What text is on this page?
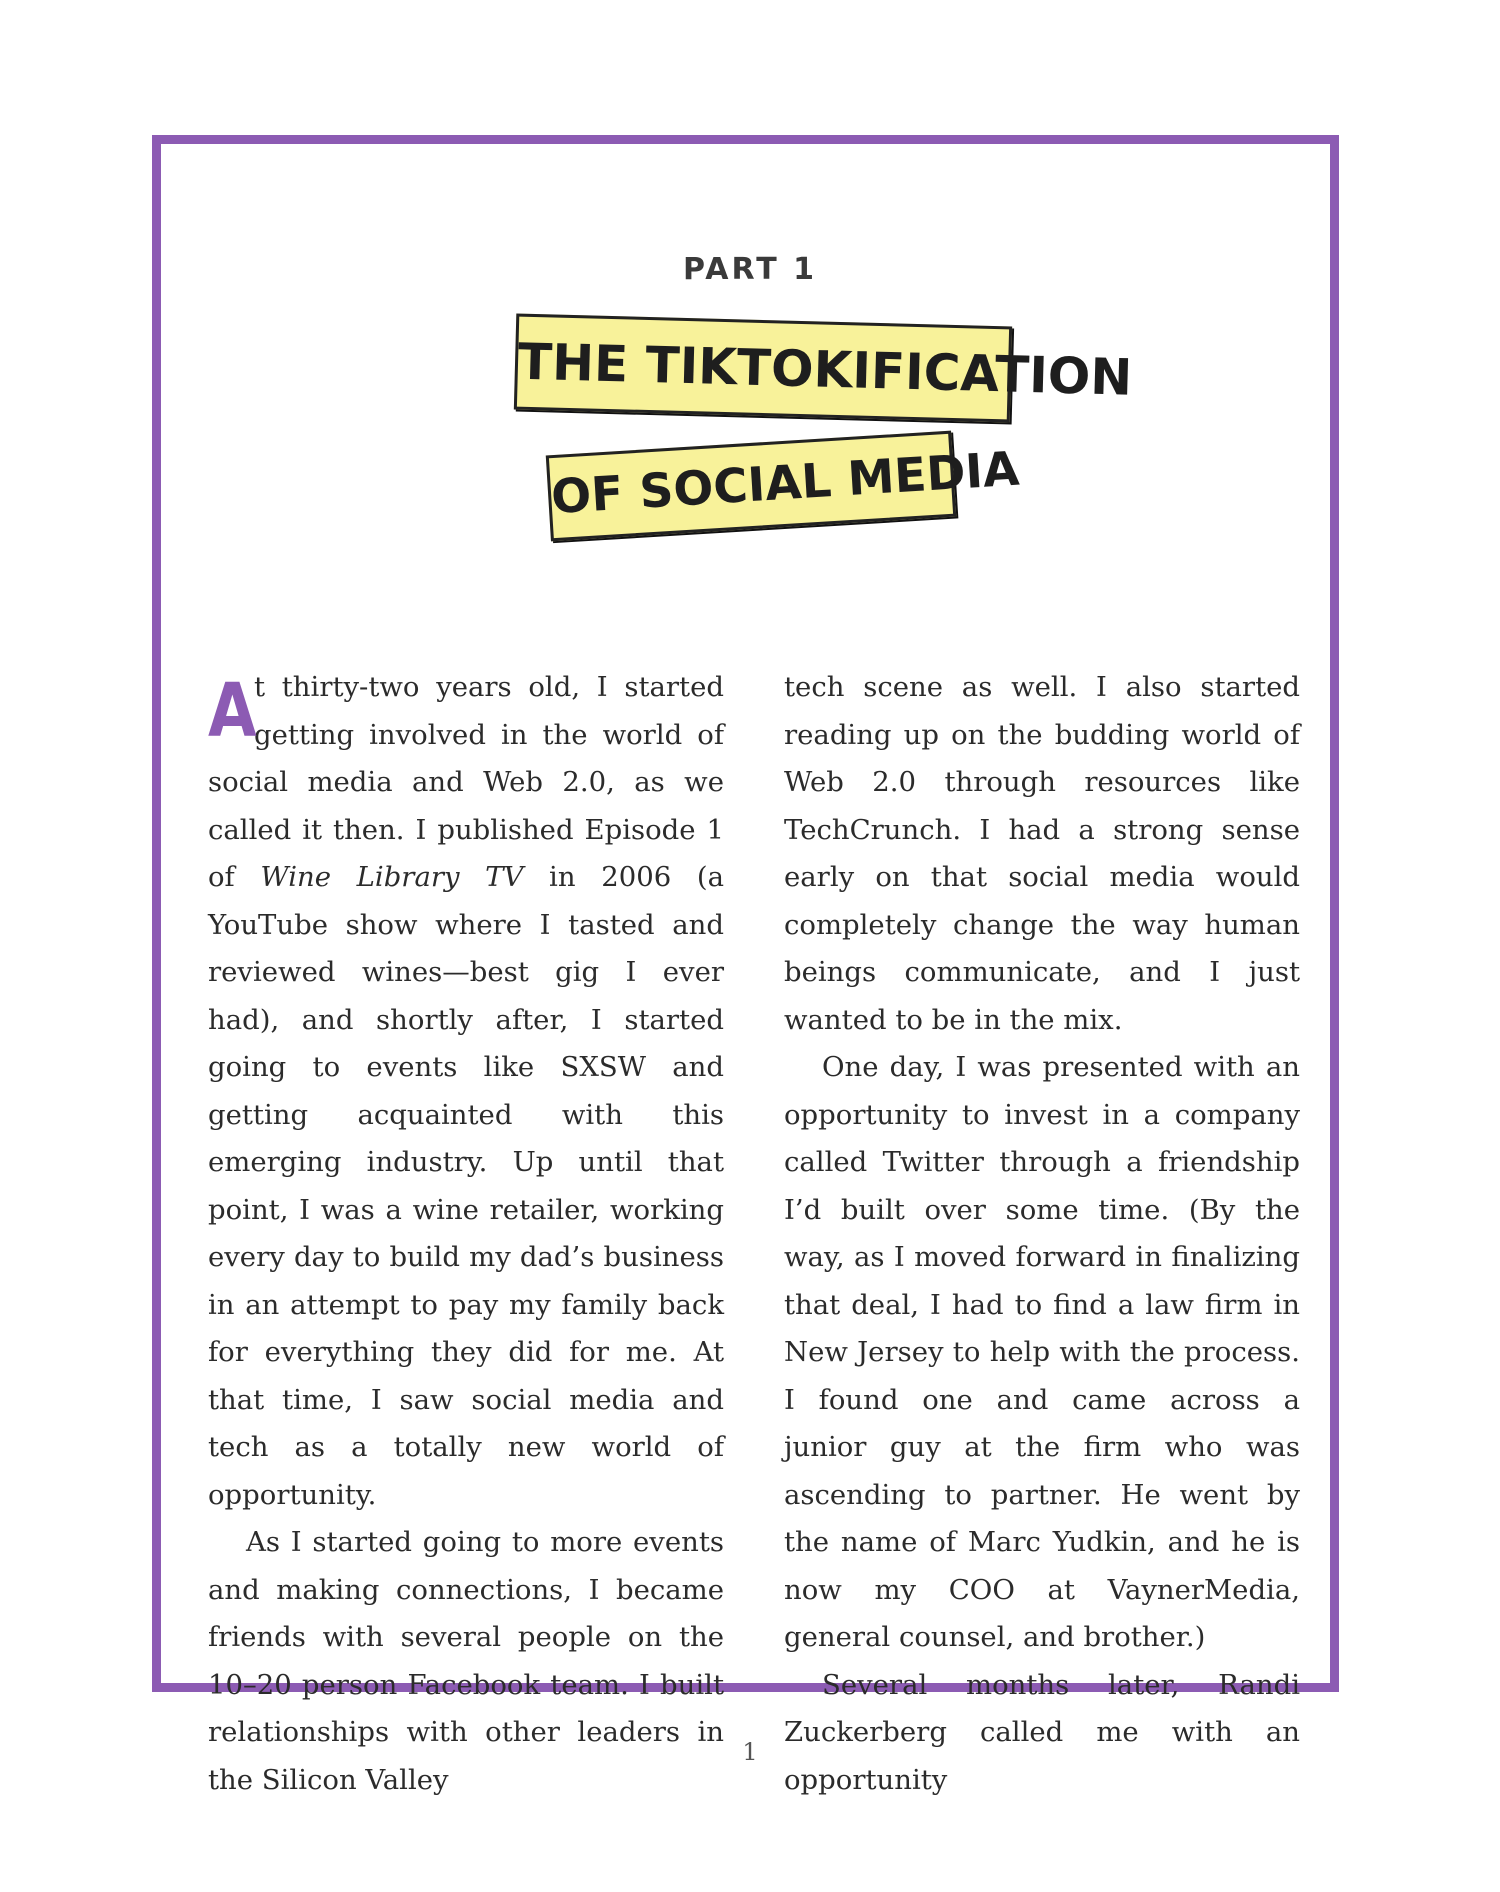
PART 1
THE TIKTOKIFICATION
OF SOCIAL MEDIA

A
t thirty-two years old, I started getting involved in the world of social media and Web 2.0, as we called it then. I published Episode 1 of Wine Library TV in 2006 (a YouTube show where I tasted and reviewed wines—best gig I ever had), and shortly after, I started going to events like SXSW and getting acquainted with this emerging industry. Up until that point, I was a wine retailer, working every day to build my dad’s business in an attempt to pay my family back for everything they did for me. At that time, I saw social media and tech as a totally new world of opportunity.

As I started going to more events and making connections, I became friends with several people on the 10–20 person Facebook team. I built relationships with other leaders in the Silicon Valley

tech scene as well. I also started reading up on the budding world of Web 2.0 through resources like TechCrunch. I had a strong sense early on that social media would completely change the way human beings communicate, and I just wanted to be in the mix.

One day, I was presented with an opportunity to invest in a company called Twitter through a friendship I’d built over some time. (By the way, as I moved forward in finalizing that deal, I had to find a law firm in New Jersey to help with the process. I found one and came across a junior guy at the firm who was ascending to partner. He went by the name of Marc Yudkin, and he is now my COO at VaynerMedia, general counsel, and brother.)

Several months later, Randi Zuckerberg called me with an opportunity

1
